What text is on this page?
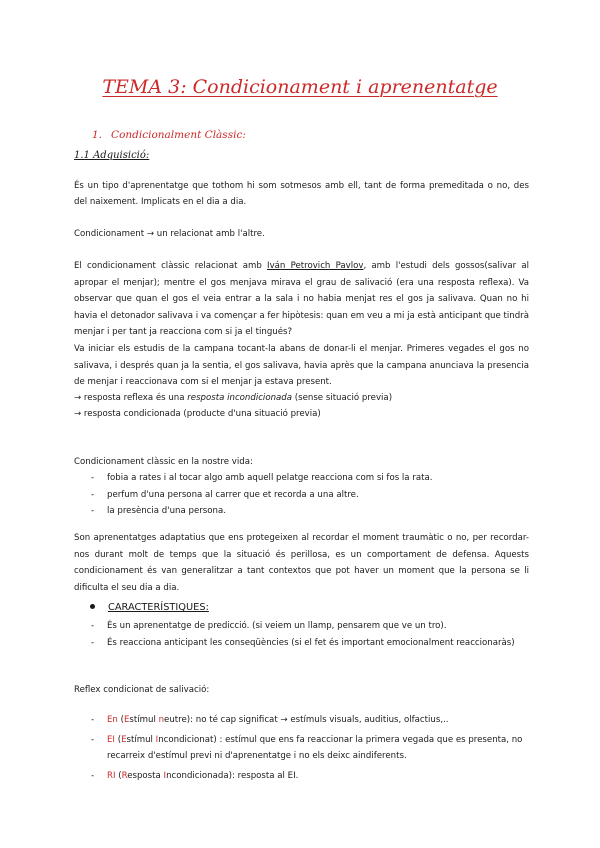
TEMA 3: Condicionament i aprenentatge
1. Condicionalment Clàssic:
1.1 Adquisició:

És un tipo d'aprenentatge que tothom hi som sotmesos amb ell, tant de forma premeditada o no, des

del naixement. Implicats en el dia a dia.

Condicionament → un relacionat amb l'altre.

El condicionament clàssic relacionat amb Iván Petrovich Pavlov, amb l'estudi dels gossos(salivar al apropar el menjar); mentre el gos menjava mirava el grau de salivació (era una resposta reflexa). Va observar que quan el gos el veia entrar a la sala i no habia menjat res el gos ja salivava. Quan no hi havia el detonador salivava i va començar a fer hipòtesis: quan em veu a mi ja està anticipant que tindrà menjar i per tant ja reacciona com si ja el tingués?

Va iniciar els estudis de la campana tocant-la abans de donar-li el menjar. Primeres vegades el gos no salivava, i després quan ja la sentia, el gos salivava, havia après que la campana anunciava la presencia de menjar i reaccionava com si el menjar ja estava present.

→ resposta reflexa és una resposta incondicionada (sense situació previa)

→ resposta condicionada (producte d'una situació previa)

Condicionament clàssic en la nostre vida:

- fobia a rates i al tocar algo amb aquell pelatge reacciona com si fos la rata.
- perfum d'una persona al carrer que et recorda a una altre.
- la presència d'una persona.

Son aprenentatges adaptatius que ens protegeixen al recordar el moment traumàtic o no, per recordar-nos durant molt de temps que la situació és perillosa, es un comportament de defensa. Aquests condicionament és van generalitzar a tant contextos que pot haver un moment que la persona se li dificulta el seu dia a dia.

CARACTERÍSTIQUES:
- És un aprenentatge de predicció. (si veiem un llamp, pensarem que ve un tro).
- És reacciona anticipant les conseqüències (si el fet és important emocionalment reaccionaràs)

Reflex condicionat de salivació:

- En (Estímul neutre): no té cap significat → estímuls visuals, auditius, olfactius,..
- EI (Estímul Incondicionat) : estímul que ens fa reaccionar la primera vegada que es presenta, no recarreix d'estímul previ ni d'aprenentatge i no els deixc aindiferents.
- RI (Resposta Incondicionada): resposta al EI.
